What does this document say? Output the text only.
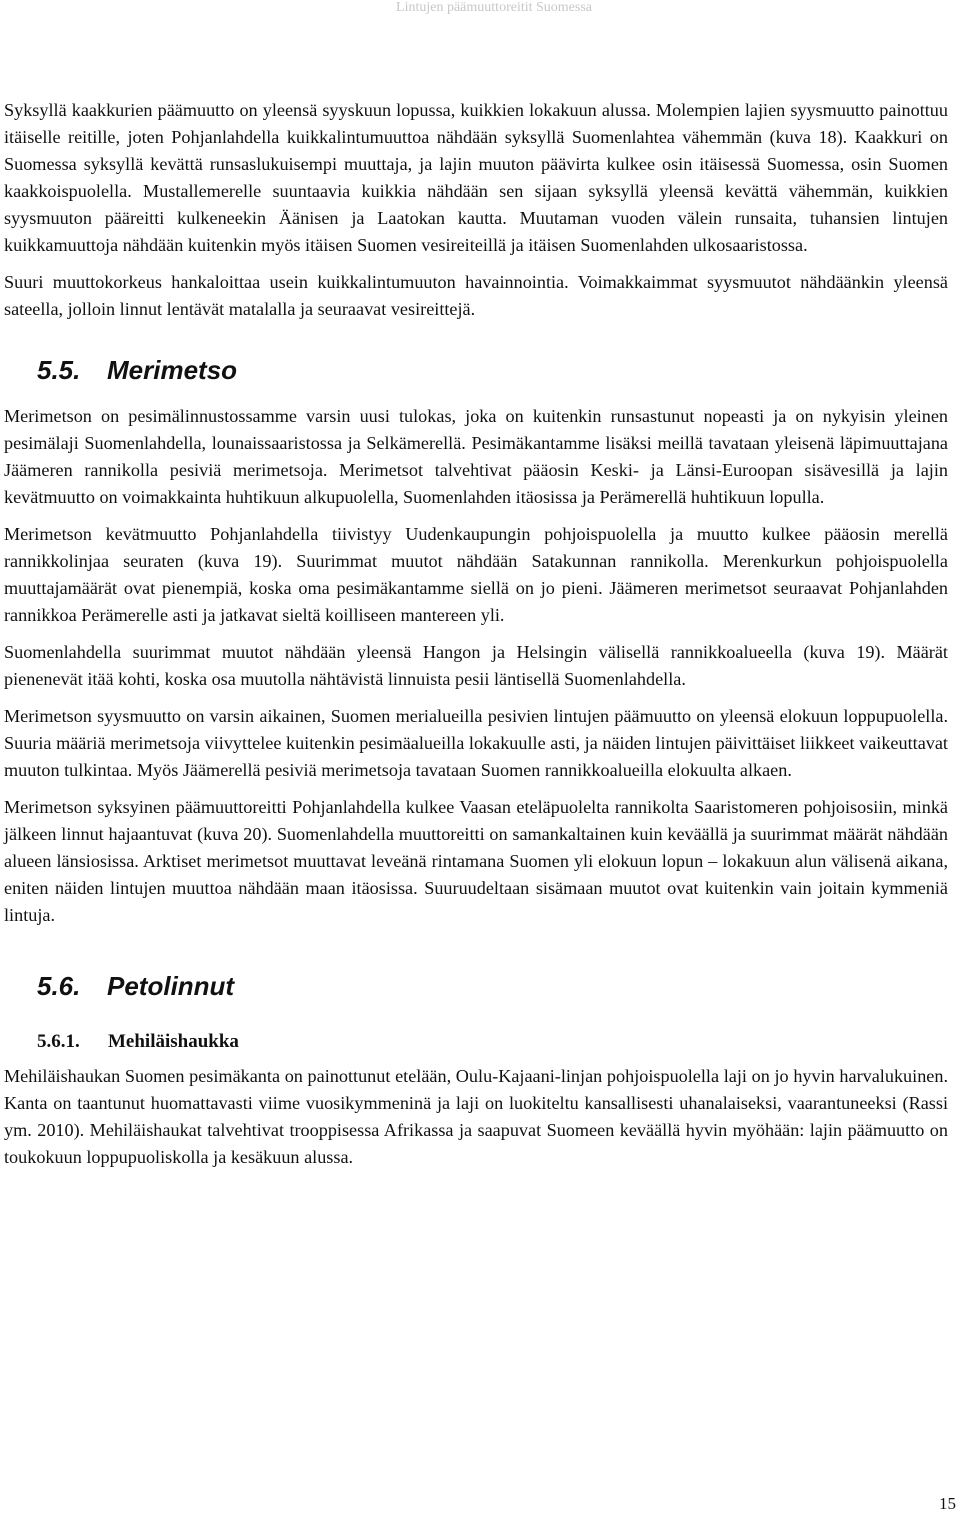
Lintujen päämuuttoreitit Suomessa

Syksyllä kaakkurien päämuutto on yleensä syyskuun lopussa, kuikkien lokakuun alussa. Molempien lajien syysmuutto painottuu itäiselle reitille, joten Pohjanlahdella kuikkalintumuuttoa nähdään syksyllä Suomenlahtea vähemmän (kuva 18). Kaakkuri on Suomessa syksyllä kevättä runsaslukuisempi muuttaja, ja lajin muuton päävirta kulkee osin itäisessä Suomessa, osin Suomen kaakkoispuolella. Mustallemerelle suuntaavia kuikkia nähdään sen sijaan syksyllä yleensä kevättä vähemmän, kuikkien syysmuuton pääreitti kulkeneekin Äänisen ja Laatokan kautta. Muutaman vuoden välein runsaita, tuhansien lintujen kuikkamuuttoja nähdään kuitenkin myös itäisen Suomen vesireiteillä ja itäisen Suomenlahden ulkosaaristossa.

Suuri muuttokorkeus hankaloittaa usein kuikkalintumuuton havainnointia. Voimakkaimmat syysmuutot nähdäänkin yleensä sateella, jolloin linnut lentävät matalalla ja seuraavat vesireittejä.

5.5.	Merimetso

Merimetson on pesimälinnustossamme varsin uusi tulokas, joka on kuitenkin runsastunut nopeasti ja on nykyisin yleinen pesimälaji Suomenlahdella, lounaissaaristossa ja Selkämerellä. Pesimäkantamme lisäksi meillä tavataan yleisenä läpimuuttajana Jäämeren rannikolla pesiviä merimetsoja. Merimetsot talvehtivat pääosin Keski- ja Länsi-Euroopan sisävesillä ja lajin kevätmuutto on voimakkainta huhtikuun alkupuolella, Suomenlahden itäosissa ja Perämerellä huhtikuun lopulla.

Merimetson kevätmuutto Pohjanlahdella tiivistyy Uudenkaupungin pohjoispuolella ja muutto kulkee pääosin merellä rannikkolinjaa seuraten (kuva 19). Suurimmat muutot nähdään Satakunnan rannikolla. Merenkurkun pohjoispuolella muuttajamäärät ovat pienempiä, koska oma pesimäkantamme siellä on jo pieni. Jäämeren merimetsot seuraavat Pohjanlahden rannikkoa Perämerelle asti ja jatkavat sieltä koilliseen mantereen yli.

Suomenlahdella suurimmat muutot nähdään yleensä Hangon ja Helsingin välisellä rannikkoalueella (kuva 19). Määrät pienenevät itää kohti, koska osa muutolla nähtävistä linnuista pesii läntisellä Suomenlahdella.

Merimetson syysmuutto on varsin aikainen, Suomen merialueilla pesivien lintujen päämuutto on yleensä elokuun loppupuolella. Suuria määriä merimetsoja viivyttelee kuitenkin pesimäalueilla lokakuulle asti, ja näiden lintujen päivittäiset liikkeet vaikeuttavat muuton tulkintaa. Myös Jäämerellä pesiviä merimetsoja tavataan Suomen rannikkoalueilla elokuulta alkaen.

Merimetson syksyinen päämuuttoreitti Pohjanlahdella kulkee Vaasan eteläpuolelta rannikolta Saaristomeren pohjoisosiin, minkä jälkeen linnut hajaantuvat (kuva 20). Suomenlahdella muuttoreitti on samankaltainen kuin keväällä ja suurimmat määrät nähdään alueen länsiosissa. Arktiset merimetsot muuttavat leveänä rintamana Suomen yli elokuun lopun – lokakuun alun välisenä aikana, eniten näiden lintujen muuttoa nähdään maan itäosissa. Suuruudeltaan sisämaan muutot ovat kuitenkin vain joitain kymmeniä lintuja.

5.6.	Petolinnut
5.6.1.	Mehiläishaukka

Mehiläishaukan Suomen pesimäkanta on painottunut etelään, Oulu-Kajaani-linjan pohjoispuolella laji on jo hyvin harvalukuinen. Kanta on taantunut huomattavasti viime vuosikymmeninä ja laji on luokiteltu kansallisesti uhanalaiseksi, vaarantuneeksi (Rassi ym. 2010). Mehiläishaukat talvehtivat trooppisessa Afrikassa ja saapuvat Suomeen keväällä hyvin myöhään: lajin päämuutto on toukokuun loppupuoliskolla ja kesäkuun alussa.

15
